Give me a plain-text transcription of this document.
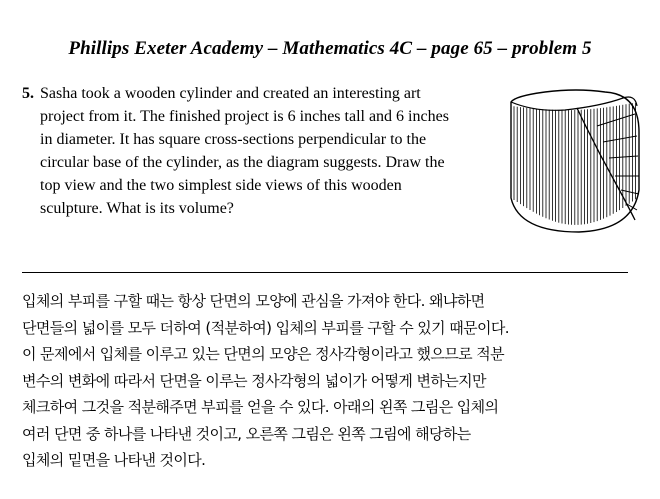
Phillips Exeter Academy – Mathematics 4C – page 65 – problem 5
5. Sasha took a wooden cylinder and created an interesting art project from it. The finished project is 6 inches tall and 6 inches in diameter. It has square cross-sections perpendicular to the circular base of the cylinder, as the diagram suggests. Draw the top view and the two simplest side views of this wooden sculpture. What is its volume?

입체의 부피를 구할 때는 항상 단면의 모양에 관심을 가져야 한다. 왜냐하면

단면들의 넓이를 모두 더하여 (적분하여) 입체의 부피를 구할 수 있기 때문이다.

이 문제에서 입체를 이루고 있는 단면의 모양은 정사각형이라고 했으므로 적분

변수의 변화에 따라서 단면을 이루는 정사각형의 넓이가 어떻게 변하는지만

체크하여 그것을 적분해주면 부피를 얻을 수 있다. 아래의 왼쪽 그림은 입체의

여러 단면 중 하나를 나타낸 것이고, 오른쪽 그림은 왼쪽 그림에 해당하는

입체의 밑면을 나타낸 것이다.
